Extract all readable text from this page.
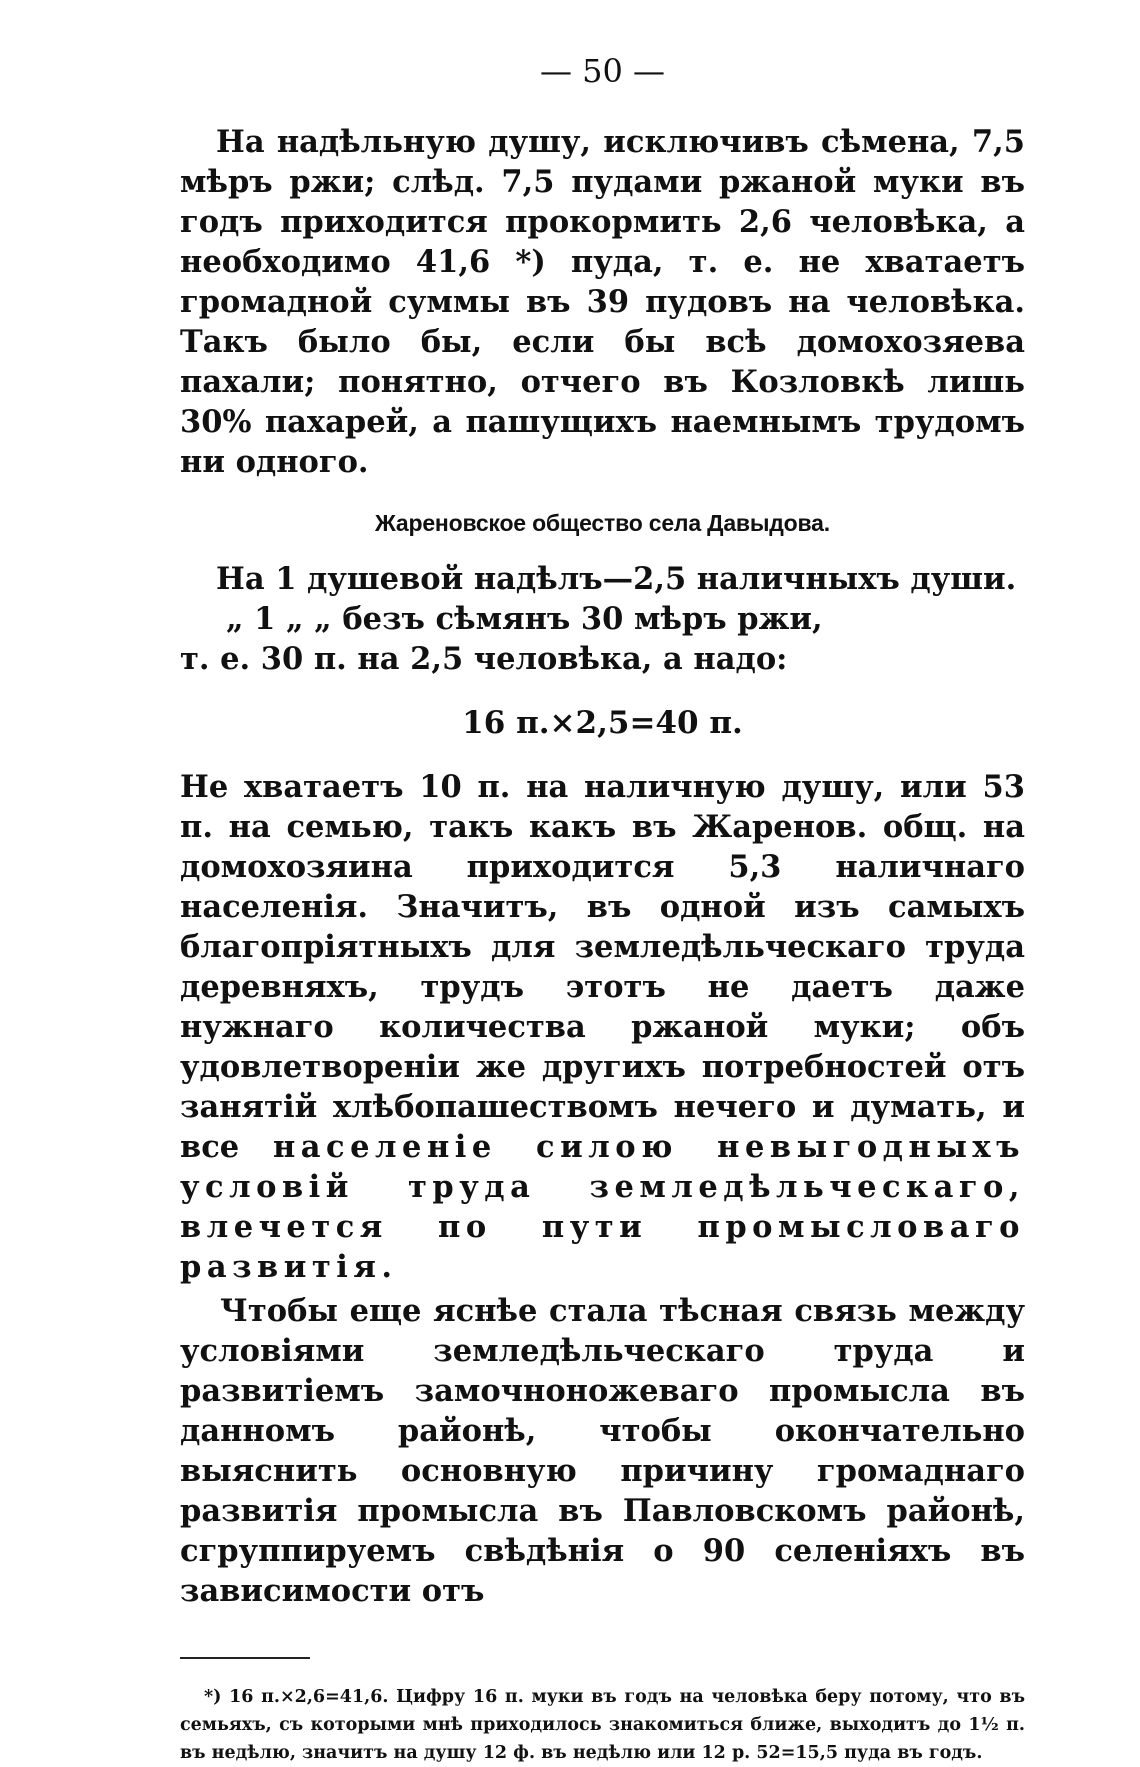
— 50 —

На надѣльную душу, исключивъ сѣмена, 7,5 мѣръ ржи; слѣд. 7,5 пудами ржаной муки въ годъ приходится прокормить 2,6 человѣка, а необходимо 41,6 *) пуда, т. е. не хватаетъ громадной суммы въ 39 пудовъ на человѣка. Такъ было бы, если бы всѣ домохозяева пахали; понятно, отчего въ Козловкѣ лишь 30% пахарей, а пашущихъ наемнымъ трудомъ ни одного.

Жареновское общество села Давыдова.
На 1 душевой надѣлъ—2,5 наличныхъ души.
„ 1 „ „ безъ сѣмянъ 30 мѣръ ржи,
т. е. 30 п. на 2,5 человѣка, а надо:
16 п.×2,5=40 п.

Не хватаетъ 10 п. на наличную душу, или 53 п. на семью, такъ какъ въ Жаренов. общ. на домохозяина приходится 5,3 наличнаго населенія. Значитъ, въ одной изъ самыхъ благопріятныхъ для земледѣльческаго труда деревняхъ, трудъ этотъ не даетъ даже нужнаго количества ржаной муки; объ удовлетвореніи же другихъ потребностей отъ занятій хлѣбопашествомъ нечего и думать, и все населеніе силою невыгодныхъ условій труда земледѣльческаго, влечется по пути промысловаго развитія.

Чтобы еще яснѣе стала тѣсная связь между условіями земледѣльческаго труда и развитіемъ замочноножеваго промысла въ данномъ районѣ, чтобы окончательно выяснить основную причину громаднаго развитія промысла въ Павловскомъ районѣ, сгруппируемъ свѣдѣнія о 90 селеніяхъ въ зависимости отъ

*) 16 п.×2,6=41,6. Цифру 16 п. муки въ годъ на человѣка беру потому, что въ семьяхъ, съ которыми мнѣ приходилось знакомиться ближе, выходитъ до 1½ п. въ недѣлю, значитъ на душу 12 ф. въ недѣлю или 12 р. 52=15,5 пуда въ годъ.
